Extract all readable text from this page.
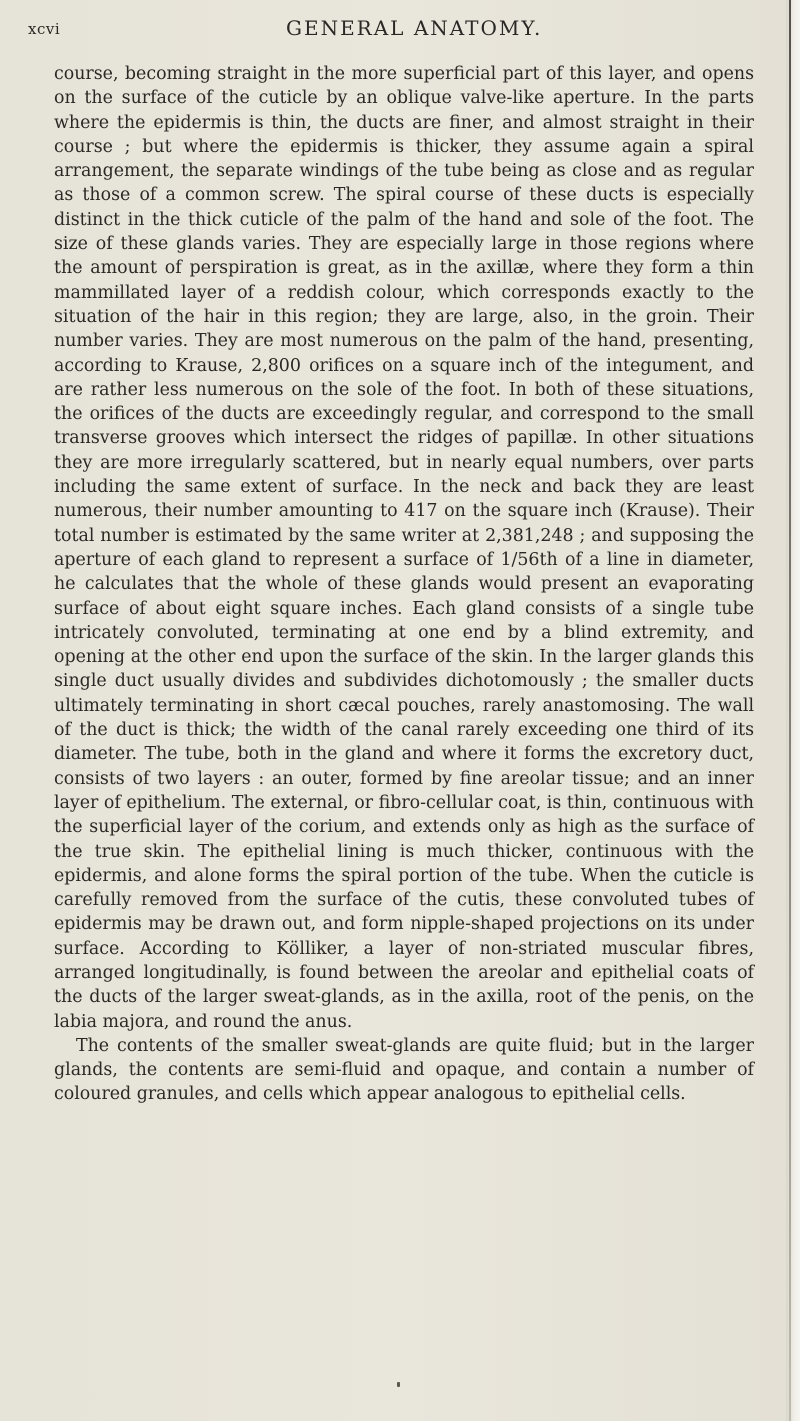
xcvi	GENERAL ANATOMY.

course, becoming straight in the more superficial part of this layer, and opens on the surface of the cuticle by an oblique valve-like aperture. In the parts where the epidermis is thin, the ducts are finer, and almost straight in their course ; but where the epidermis is thicker, they assume again a spiral arrangement, the separate windings of the tube being as close and as regular as those of a common screw. The spiral course of these ducts is especially distinct in the thick cuticle of the palm of the hand and sole of the foot. The size of these glands varies. They are especially large in those regions where the amount of perspiration is great, as in the axillæ, where they form a thin mammillated layer of a reddish colour, which corresponds exactly to the situation of the hair in this region; they are large, also, in the groin. Their number varies. They are most numerous on the palm of the hand, presenting, according to Krause, 2,800 orifices on a square inch of the integument, and are rather less numerous on the sole of the foot. In both of these situations, the orifices of the ducts are exceedingly regular, and correspond to the small transverse grooves which intersect the ridges of papillæ. In other situations they are more irregularly scattered, but in nearly equal numbers, over parts including the same extent of surface. In the neck and back they are least numerous, their number amounting to 417 on the square inch (Krause). Their total number is estimated by the same writer at 2,381,248 ; and supposing the aperture of each gland to represent a surface of 1/56th of a line in diameter, he calculates that the whole of these glands would present an evaporating surface of about eight square inches. Each gland consists of a single tube intricately convoluted, terminating at one end by a blind extremity, and opening at the other end upon the surface of the skin. In the larger glands this single duct usually divides and subdivides dichotomously ; the smaller ducts ultimately terminating in short cæcal pouches, rarely anastomosing. The wall of the duct is thick; the width of the canal rarely exceeding one third of its diameter. The tube, both in the gland and where it forms the excretory duct, consists of two layers : an outer, formed by fine areolar tissue; and an inner layer of epithelium. The external, or fibro-cellular coat, is thin, continuous with the superficial layer of the corium, and extends only as high as the surface of the true skin. The epithelial lining is much thicker, continuous with the epidermis, and alone forms the spiral portion of the tube. When the cuticle is carefully removed from the surface of the cutis, these convoluted tubes of epidermis may be drawn out, and form nipple-shaped projections on its under surface. According to Kölliker, a layer of non-striated muscular fibres, arranged longitudinally, is found between the areolar and epithelial coats of the ducts of the larger sweat-glands, as in the axilla, root of the penis, on the labia majora, and round the anus.

The contents of the smaller sweat-glands are quite fluid; but in the larger glands, the contents are semi-fluid and opaque, and contain a number of coloured granules, and cells which appear analogous to epithelial cells.
